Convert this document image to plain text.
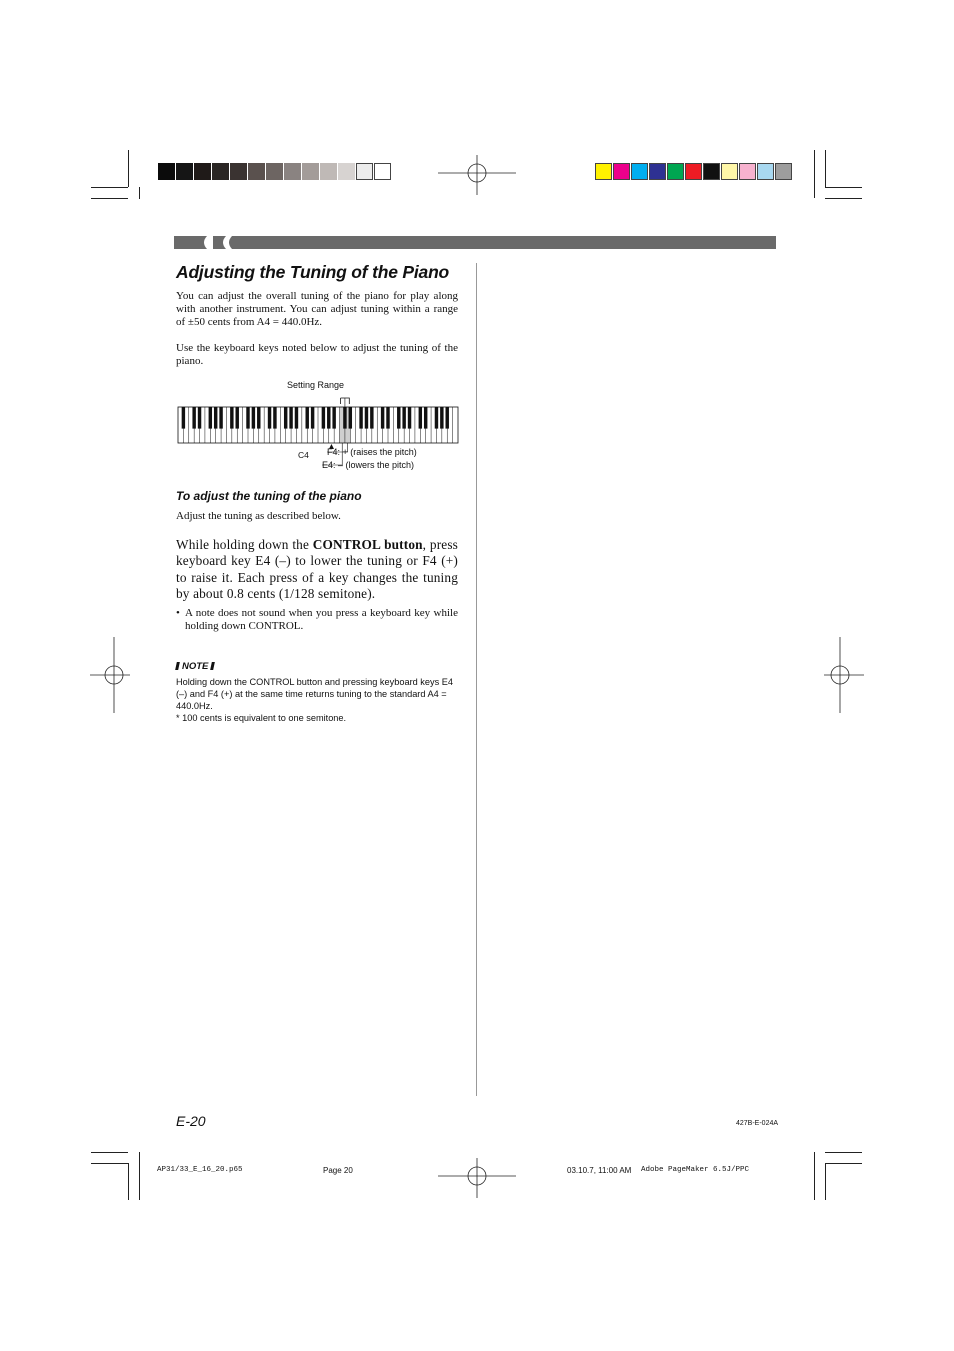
Adjusting the Tuning of the Piano
You can adjust the overall tuning of the piano for play along with another instrument. You can adjust tuning within a range of ±50 cents from A4 = 440.0Hz.
Use the keyboard keys noted below to adjust the tuning of the piano.
Setting Range
C4 F4: + (raises the pitch)
E4: – (lowers the pitch)
To adjust the tuning of the piano
Adjust the tuning as described below.
While holding down the CONTROL button, press keyboard key E4 (–) to lower the tuning or F4 (+) to raise it. Each press of a key changes the tuning by about 0.8 cents (1/128 semitone).
• A note does not sound when you press a keyboard key while holding down CONTROL.
NOTE
Holding down the CONTROL button and pressing keyboard keys E4 (–) and F4 (+) at the same time returns tuning to the standard A4 = 440.0Hz.
* 100 cents is equivalent to one semitone.
E-20	427B-E-024A
AP31/33_E_16_20.p65	Page 20	03.10.7, 11:00 AM Adobe PageMaker 6.5J/PPC
